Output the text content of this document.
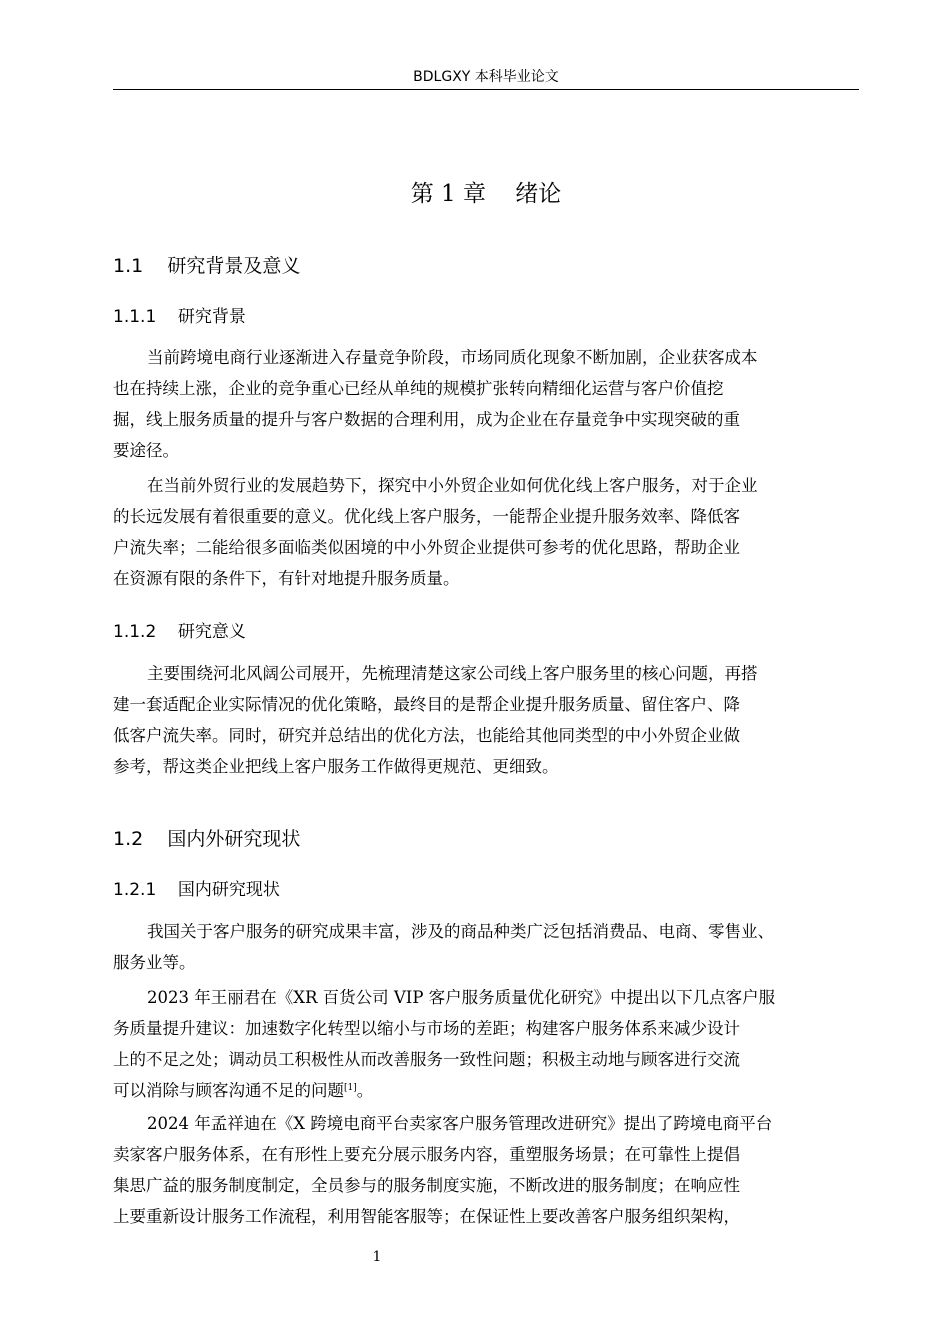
BDLGXY 本科毕业论文
第 1 章    绪论
1.1    研究背景及意义
1.1.1    研究背景
当前跨境电商行业逐渐进入存量竞争阶段，市场同质化现象不断加剧，企业获客成本
也在持续上涨，企业的竞争重心已经从单纯的规模扩张转向精细化运营与客户价值挖
掘，线上服务质量的提升与客户数据的合理利用，成为企业在存量竞争中实现突破的重
要途径。
在当前外贸行业的发展趋势下，探究中小外贸企业如何优化线上客户服务，对于企业
的长远发展有着很重要的意义。优化线上客户服务，一能帮企业提升服务效率、降低客
户流失率；二能给很多面临类似困境的中小外贸企业提供可参考的优化思路，帮助企业
在资源有限的条件下，有针对地提升服务质量。
1.1.2    研究意义
主要围绕河北风阔公司展开，先梳理清楚这家公司线上客户服务里的核心问题，再搭
建一套适配企业实际情况的优化策略，最终目的是帮企业提升服务质量、留住客户、降
低客户流失率。同时，研究并总结出的优化方法，也能给其他同类型的中小外贸企业做
参考，帮这类企业把线上客户服务工作做得更规范、更细致。
1.2    国内外研究现状
1.2.1    国内研究现状
我国关于客户服务的研究成果丰富，涉及的商品种类广泛包括消费品、电商、零售业、
服务业等。
2023 年王丽君在《XR 百货公司 VIP 客户服务质量优化研究》中提出以下几点客户服
务质量提升建议：加速数字化转型以缩小与市场的差距；构建客户服务体系来减少设计
上的不足之处；调动员工积极性从而改善服务一致性问题；积极主动地与顾客进行交流
可以消除与顾客沟通不足的问题[1]。
2024 年孟祥迪在《X 跨境电商平台卖家客户服务管理改进研究》提出了跨境电商平台
卖家客户服务体系，在有形性上要充分展示服务内容，重塑服务场景；在可靠性上提倡
集思广益的服务制度制定，全员参与的服务制度实施，不断改进的服务制度；在响应性
上要重新设计服务工作流程，利用智能客服等；在保证性上要改善客户服务组织架构，
1
